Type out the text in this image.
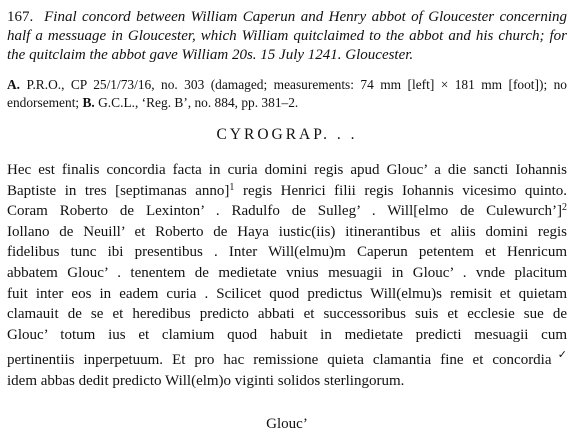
167. Final concord between William Caperun and Henry abbot of Gloucester concerning half a messuage in Gloucester, which William quitclaimed to the abbot and his church; for the quitclaim the abbot gave William 20s. 15 July 1241. Gloucester.

A. P.R.O., CP 25/1/73/16, no. 303 (damaged; measurements: 74 mm [left] × 181 mm [foot]); no endorsement; B. G.C.L., ‘Reg. B’, no. 884, pp. 381–2.

CYROGRAP. . .
Hec est finalis concordia facta in curia domini regis apud Glouc’ a die sancti Iohannis
Baptiste in tres [septimanas anno]$^1$ regis Henrici filii regis Iohannis vicesimo quinto.
Coram Roberto de Lexinton’ . Radulfo de Sulleg’ . Will[elmo de Culewurch’]$^2$
Iollano de Neuill’ et Roberto de Haya iustic(iis) itinerantibus et aliis domini regis
fidelibus tunc ibi presentibus . Inter Will(elmu)m Caperun petentem et Henricum
abbatem Glouc’ . tenentem de medietate vnius mesuagii in Glouc’ . vnde placitum
fuit inter eos in eadem curia . Scilicet quod predictus Will(elmu)s remisit et quietam
clamauit de se et heredibus predicto abbati et successoribus suis et ecclesie sue de
Glouc’ totum ius et clamium quod habuit in medietate predicti mesuagii cum
pertinentiis inperpetuum. Et pro hac remissione quieta clamantia fine et concordia✓
idem abbas dedit predicto Will(elm)o viginti solidos sterlingorum.
Glouc’
